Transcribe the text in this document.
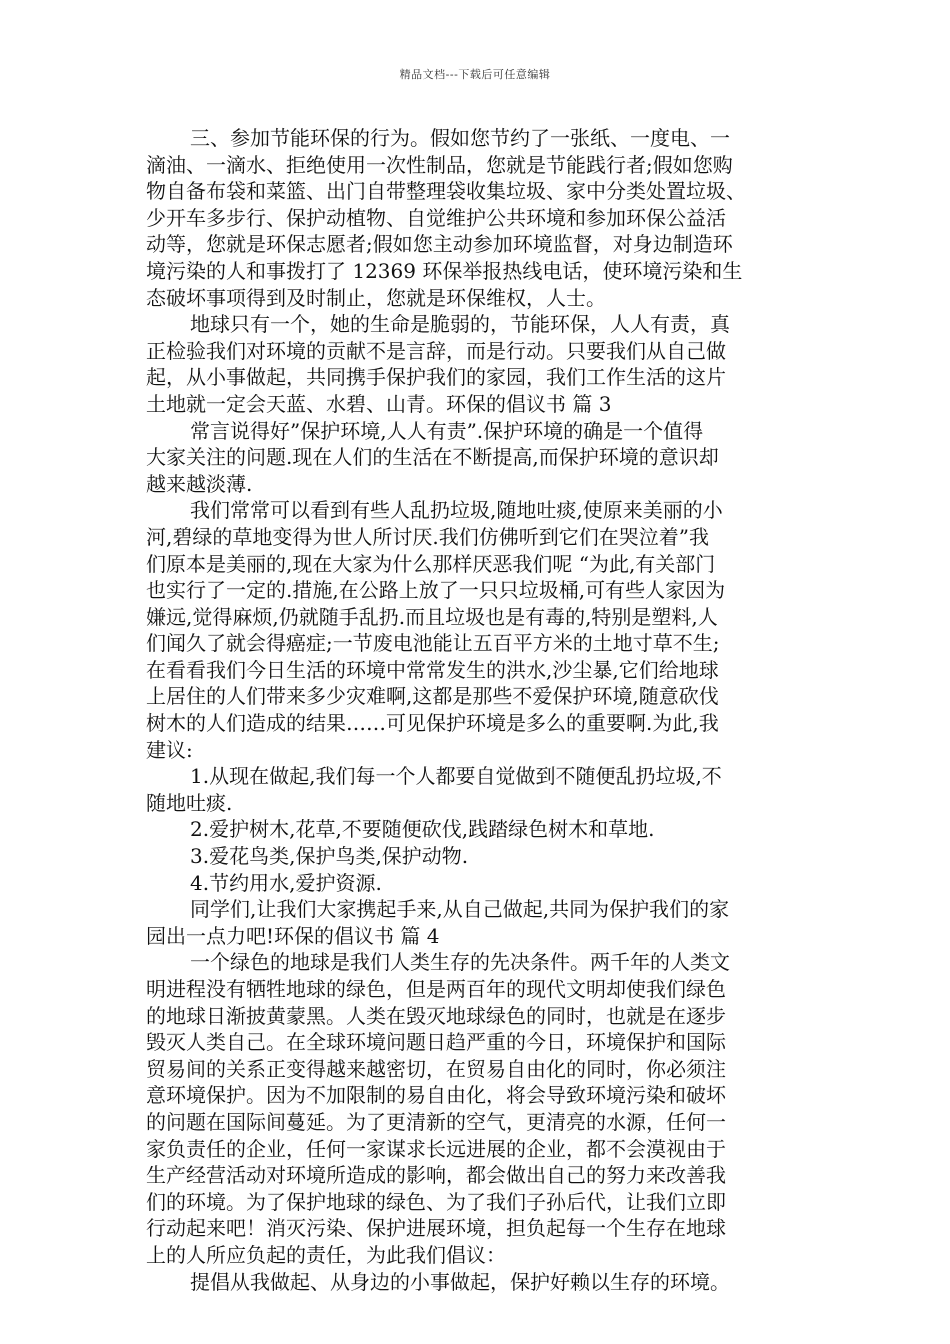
精品文档---下载后可任意编辑
三、参加节能环保的行为。假如您节约了一张纸、一度电、一
滴油、一滴水、拒绝使用一次性制品，您就是节能践行者;假如您购
物自备布袋和菜篮、出门自带整理袋收集垃圾、家中分类处置垃圾、
少开车多步行、保护动植物、自觉维护公共环境和参加环保公益活
动等，您就是环保志愿者;假如您主动参加环境监督，对身边制造环
境污染的人和事拨打了 12369 环保举报热线电话，使环境污染和生
态破坏事项得到及时制止，您就是环保维权，人士。
地球只有一个，她的生命是脆弱的，节能环保，人人有责，真
正检验我们对环境的贡献不是言辞，而是行动。只要我们从自己做
起，从小事做起，共同携手保护我们的家园，我们工作生活的这片
土地就一定会天蓝、水碧、山青。环保的倡议书 篇 3
常言说得好”保护环境,人人有责”.保护环境的确是一个值得
大家关注的问题.现在人们的生活在不断提高,而保护环境的意识却
越来越淡薄.
我们常常可以看到有些人乱扔垃圾,随地吐痰,使原来美丽的小
河,碧绿的草地变得为世人所讨厌.我们仿佛听到它们在哭泣着”我
们原本是美丽的,现在大家为什么那样厌恶我们呢 “为此,有关部门
也实行了一定的.措施,在公路上放了一只只垃圾桶,可有些人家因为
嫌远,觉得麻烦,仍就随手乱扔.而且垃圾也是有毒的,特别是塑料,人
们闻久了就会得癌症;一节废电池能让五百平方米的土地寸草不生;
在看看我们今日生活的环境中常常发生的洪水,沙尘暴,它们给地球
上居住的人们带来多少灾难啊,这都是那些不爱保护环境,随意砍伐
树木的人们造成的结果……可见保护环境是多么的重要啊.为此,我
建议:
1.从现在做起,我们每一个人都要自觉做到不随便乱扔垃圾,不
随地吐痰.
2.爱护树木,花草,不要随便砍伐,践踏绿色树木和草地.
3.爱花鸟类,保护鸟类,保护动物.
4.节约用水,爱护资源.
同学们,让我们大家携起手来,从自己做起,共同为保护我们的家
园出一点力吧!环保的倡议书 篇 4
一个绿色的地球是我们人类生存的先决条件。两千年的人类文
明进程没有牺牲地球的绿色，但是两百年的现代文明却使我们绿色
的地球日渐披黄蒙黑。人类在毁灭地球绿色的同时，也就是在逐步
毁灭人类自己。在全球环境问题日趋严重的今日，环境保护和国际
贸易间的关系正变得越来越密切，在贸易自由化的同时，你必须注
意环境保护。因为不加限制的易自由化，将会导致环境污染和破坏
的问题在国际间蔓延。为了更清新的空气，更清亮的水源，任何一
家负责任的企业，任何一家谋求长远进展的企业，都不会漠视由于
生产经营活动对环境所造成的影响，都会做出自己的努力来改善我
们的环境。为了保护地球的绿色、为了我们子孙后代，让我们立即
行动起来吧！消灭污染、保护进展环境，担负起每一个生存在地球
上的人所应负起的责任，为此我们倡议：
提倡从我做起、从身边的小事做起，保护好赖以生存的环境。
